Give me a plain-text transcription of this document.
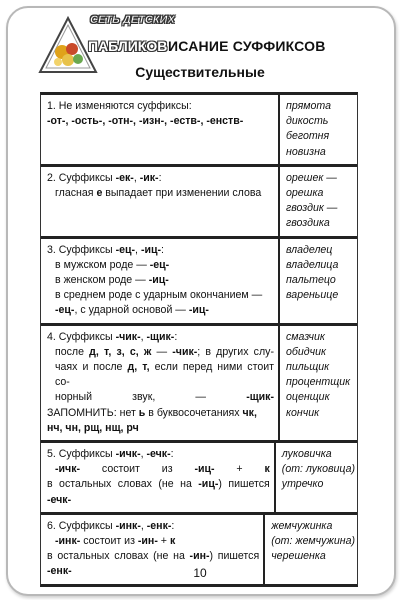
СЕТЬ ДЕТСКИХ
ПАБЛИКОВ ИСАНИЕ СУФФИКСОВ
Существительные
1. Не изменяются суффиксы:
-от-, -ость-, -отн-, -изн-, -еств-, -енств-
прямота
дикость
беготня
новизна
2. Суффиксы -ек-, -ик-:
гласная е выпадает при изменении слова
орешек —
орешка
гвоздик —
гвоздика
3. Суффиксы -ец-, -иц-:
в мужском роде — -ец-
в женском роде — -иц-
в среднем роде с ударным окончанием —
-ец-, с ударной основой — -иц-
владелец
владелица
пальтецо
вареньице
4. Суффиксы -чик-, -щик-:
после д, т, з, с, ж — -чик-; в других слу-
чаях и после д, т, если перед ними стоит со-
норный звук, — -щик-
ЗАПОМНИТЬ: нет ь в буквосочетаниях чк,
нч, чн, рщ, нщ, рч
смазчик
обидчик
пильщик
процентщик
оценщик
кончик
5. Суффиксы -ичк-, -ечк-:
-ичк- состоит из -иц- + к
в остальных словах (не на -иц-) пишется
-ечк-
луковичка
(от: луковица)
утречко
6. Суффиксы -инк-, -енк-:
-инк- состоит из -ин- + к
в остальных словах (не на -ин-) пишется
-енк-
жемчужинка
(от: жемчужина)
черешенка
10
